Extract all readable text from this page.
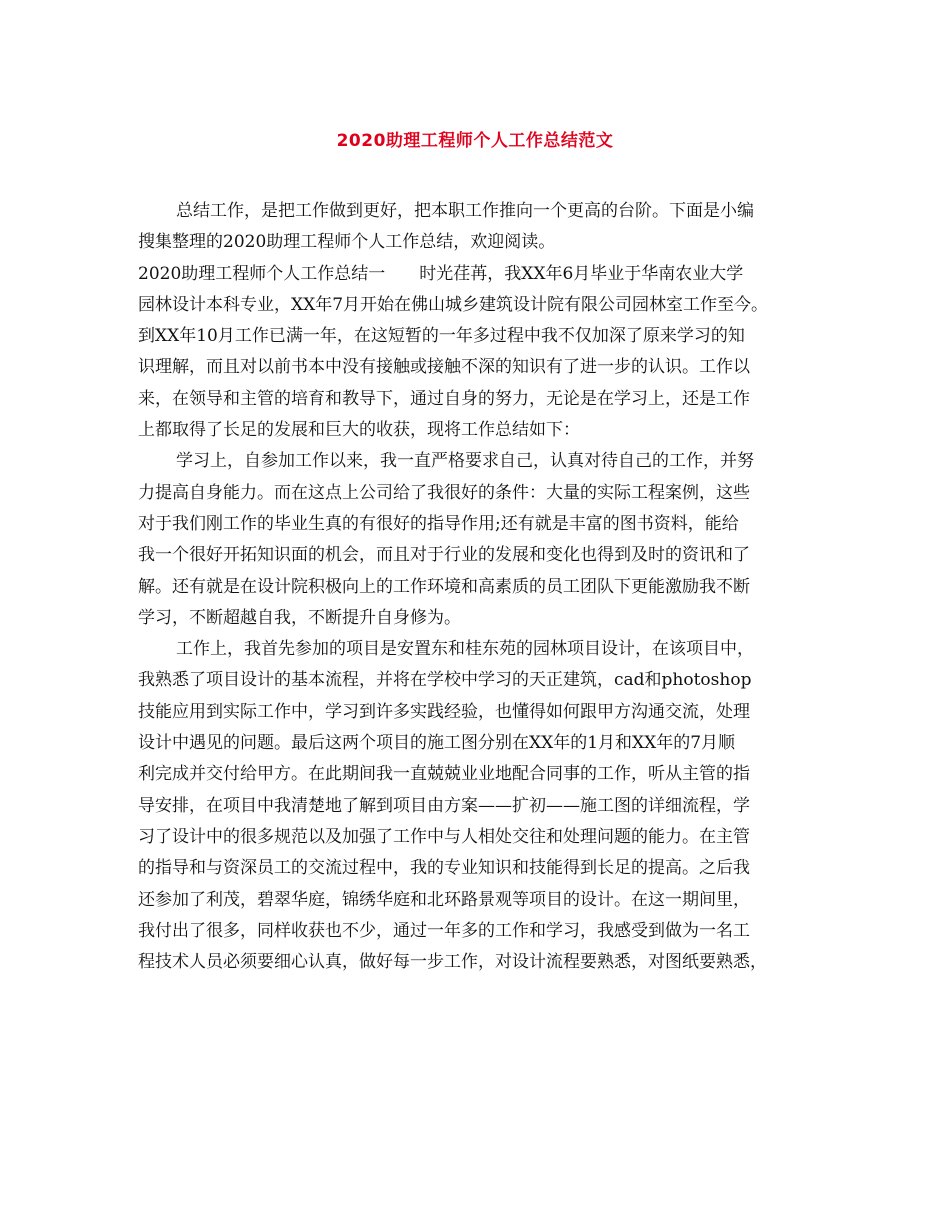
2020助理工程师个人工作总结范文
总结工作，是把工作做到更好，把本职工作推向一个更高的台阶。下面是小编
搜集整理的2020助理工程师个人工作总结，欢迎阅读。
2020助理工程师个人工作总结一　　时光荏苒，我XX年6月毕业于华南农业大学
园林设计本科专业，XX年7月开始在佛山城乡建筑设计院有限公司园林室工作至今。
到XX年10月工作已满一年，在这短暂的一年多过程中我不仅加深了原来学习的知
识理解，而且对以前书本中没有接触或接触不深的知识有了进一步的认识。工作以
来，在领导和主管的培育和教导下，通过自身的努力，无论是在学习上，还是工作
上都取得了长足的发展和巨大的收获，现将工作总结如下：
学习上，自参加工作以来，我一直严格要求自己，认真对待自己的工作，并努
力提高自身能力。而在这点上公司给了我很好的条件：大量的实际工程案例，这些
对于我们刚工作的毕业生真的有很好的指导作用;还有就是丰富的图书资料，能给
我一个很好开拓知识面的机会，而且对于行业的发展和变化也得到及时的资讯和了
解。还有就是在设计院积极向上的工作环境和高素质的员工团队下更能激励我不断
学习，不断超越自我，不断提升自身修为。
工作上，我首先参加的项目是安置东和桂东苑的园林项目设计，在该项目中，
我熟悉了项目设计的基本流程，并将在学校中学习的天正建筑，cad和photoshop
技能应用到实际工作中，学习到许多实践经验，也懂得如何跟甲方沟通交流，处理
设计中遇见的问题。最后这两个项目的施工图分别在XX年的1月和XX年的7月顺
利完成并交付给甲方。在此期间我一直兢兢业业地配合同事的工作，听从主管的指
导安排，在项目中我清楚地了解到项目由方案——扩初——施工图的详细流程，学
习了设计中的很多规范以及加强了工作中与人相处交往和处理问题的能力。在主管
的指导和与资深员工的交流过程中，我的专业知识和技能得到长足的提高。之后我
还参加了利茂，碧翠华庭，锦绣华庭和北环路景观等项目的设计。在这一期间里，
我付出了很多，同样收获也不少，通过一年多的工作和学习，我感受到做为一名工
程技术人员必须要细心认真，做好每一步工作，对设计流程要熟悉，对图纸要熟悉，
